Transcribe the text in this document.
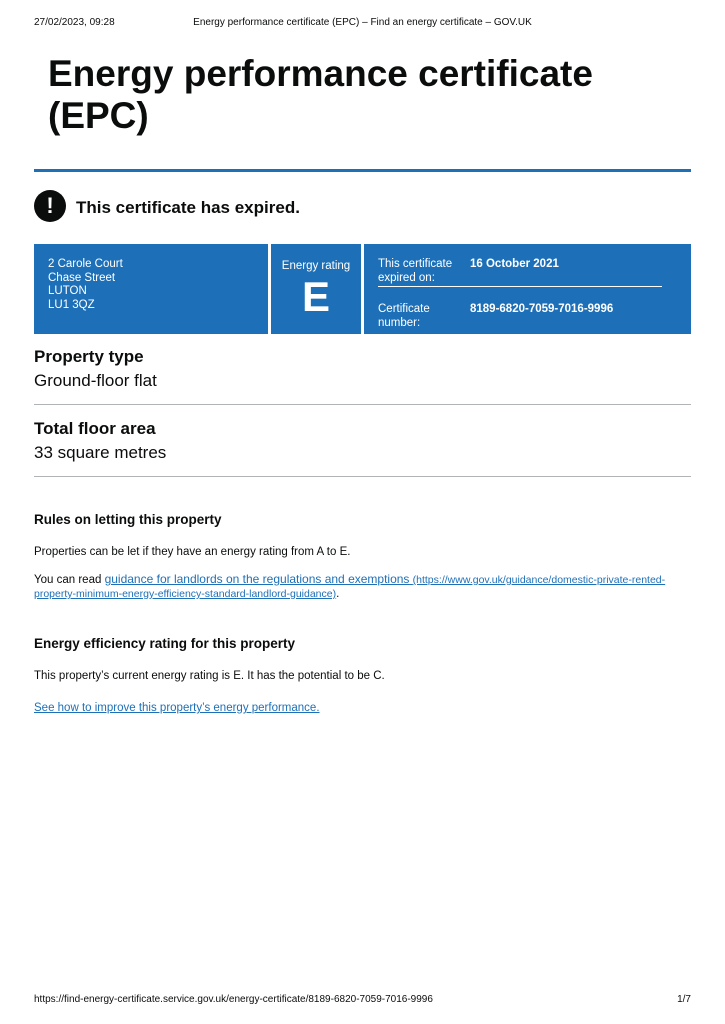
27/02/2023, 09:28	Energy performance certificate (EPC) – Find an energy certificate – GOV.UK
Energy performance certificate (EPC)
!	This certificate has expired.
2 Carole Court
Chase Street
LUTON
LU1 3QZ
Energy rating
E
This certificate expired on:
16 October 2021
Certificate number:
8189-6820-7059-7016-9996
Property type
Ground-floor flat
Total floor area
33 square metres
Rules on letting this property
Properties can be let if they have an energy rating from A to E.
You can read guidance for landlords on the regulations and exemptions (https://www.gov.uk/guidance/domestic-private-rented-property-minimum-energy-efficiency-standard-landlord-guidance).
Energy efficiency rating for this property
This property’s current energy rating is E. It has the potential to be C.
See how to improve this property’s energy performance.
https://find-energy-certificate.service.gov.uk/energy-certificate/8189-6820-7059-7016-9996	1/7
